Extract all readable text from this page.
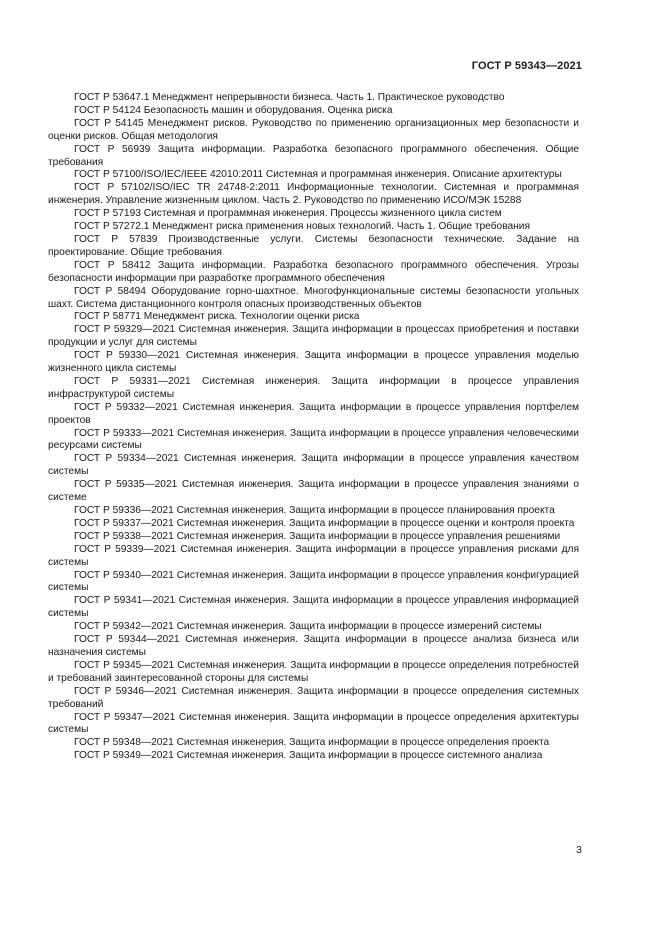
ГОСТ Р 59343—2021

ГОСТ Р 53647.1 Менеджмент непрерывности бизнеса. Часть 1. Практическое руководство

ГОСТ Р 54124 Безопасность машин и оборудования. Оценка риска

ГОСТ Р 54145 Менеджмент рисков. Руководство по применению организационных мер безопасности и оценки рисков. Общая методология

ГОСТ Р 56939 Защита информации. Разработка безопасного программного обеспечения. Общие требования

ГОСТ Р 57100/ISO/IEC/IEEE 42010:2011 Системная и программная инженерия. Описание архитектуры

ГОСТ Р 57102/ISO/IEC TR 24748-2:2011 Информационные технологии. Системная и программная инженерия. Управление жизненным циклом. Часть 2. Руководство по применению ИСО/МЭК 15288

ГОСТ Р 57193 Системная и программная инженерия. Процессы жизненного цикла систем

ГОСТ Р 57272.1 Менеджмент риска применения новых технологий. Часть 1. Общие требования

ГОСТ Р 57839 Производственные услуги. Системы безопасности технические. Задание на проектирование. Общие требования

ГОСТ Р 58412 Защита информации. Разработка безопасного программного обеспечения. Угрозы безопасности информации при разработке программного обеспечения

ГОСТ Р 58494 Оборудование горно-шахтное. Многофункциональные системы безопасности угольных шахт. Система дистанционного контроля опасных производственных объектов

ГОСТ Р 58771 Менеджмент риска. Технологии оценки риска

ГОСТ Р 59329—2021 Системная инженерия. Защита информации в процессах приобретения и поставки продукции и услуг для системы

ГОСТ Р 59330—2021 Системная инженерия. Защита информации в процессе управления моделью жизненного цикла системы

ГОСТ Р 59331—2021 Системная инженерия. Защита информации в процессе управления инфраструктурой системы

ГОСТ Р 59332—2021 Системная инженерия. Защита информации в процессе управления портфелем проектов

ГОСТ Р 59333—2021 Системная инженерия. Защита информации в процессе управления человеческими ресурсами системы

ГОСТ Р 59334—2021 Системная инженерия. Защита информации в процессе управления качеством системы

ГОСТ Р 59335—2021 Системная инженерия. Защита информации в процессе управления знаниями о системе

ГОСТ Р 59336—2021 Системная инженерия. Защита информации в процессе планирования проекта

ГОСТ Р 59337—2021 Системная инженерия. Защита информации в процессе оценки и контроля проекта

ГОСТ Р 59338—2021 Системная инженерия. Защита информации в процессе управления решениями

ГОСТ Р 59339—2021 Системная инженерия. Защита информации в процессе управления рисками для системы

ГОСТ Р 59340—2021 Системная инженерия. Защита информации в процессе управления конфигурацией системы

ГОСТ Р 59341—2021 Системная инженерия. Защита информации в процессе управления информацией системы

ГОСТ Р 59342—2021 Системная инженерия. Защита информации в процессе измерений системы

ГОСТ Р 59344—2021 Системная инженерия. Защита информации в процессе анализа бизнеса или назначения системы

ГОСТ Р 59345—2021 Системная инженерия. Защита информации в процессе определения потребностей и требований заинтересованной стороны для системы

ГОСТ Р 59346—2021 Системная инженерия. Защита информации в процессе определения системных требований

ГОСТ Р 59347—2021 Системная инженерия. Защита информации в процессе определения архитектуры системы

ГОСТ Р 59348—2021 Системная инженерия. Защита информации в процессе определения проекта

ГОСТ Р 59349—2021 Системная инженерия. Защита информации в процессе системного анализа

3
